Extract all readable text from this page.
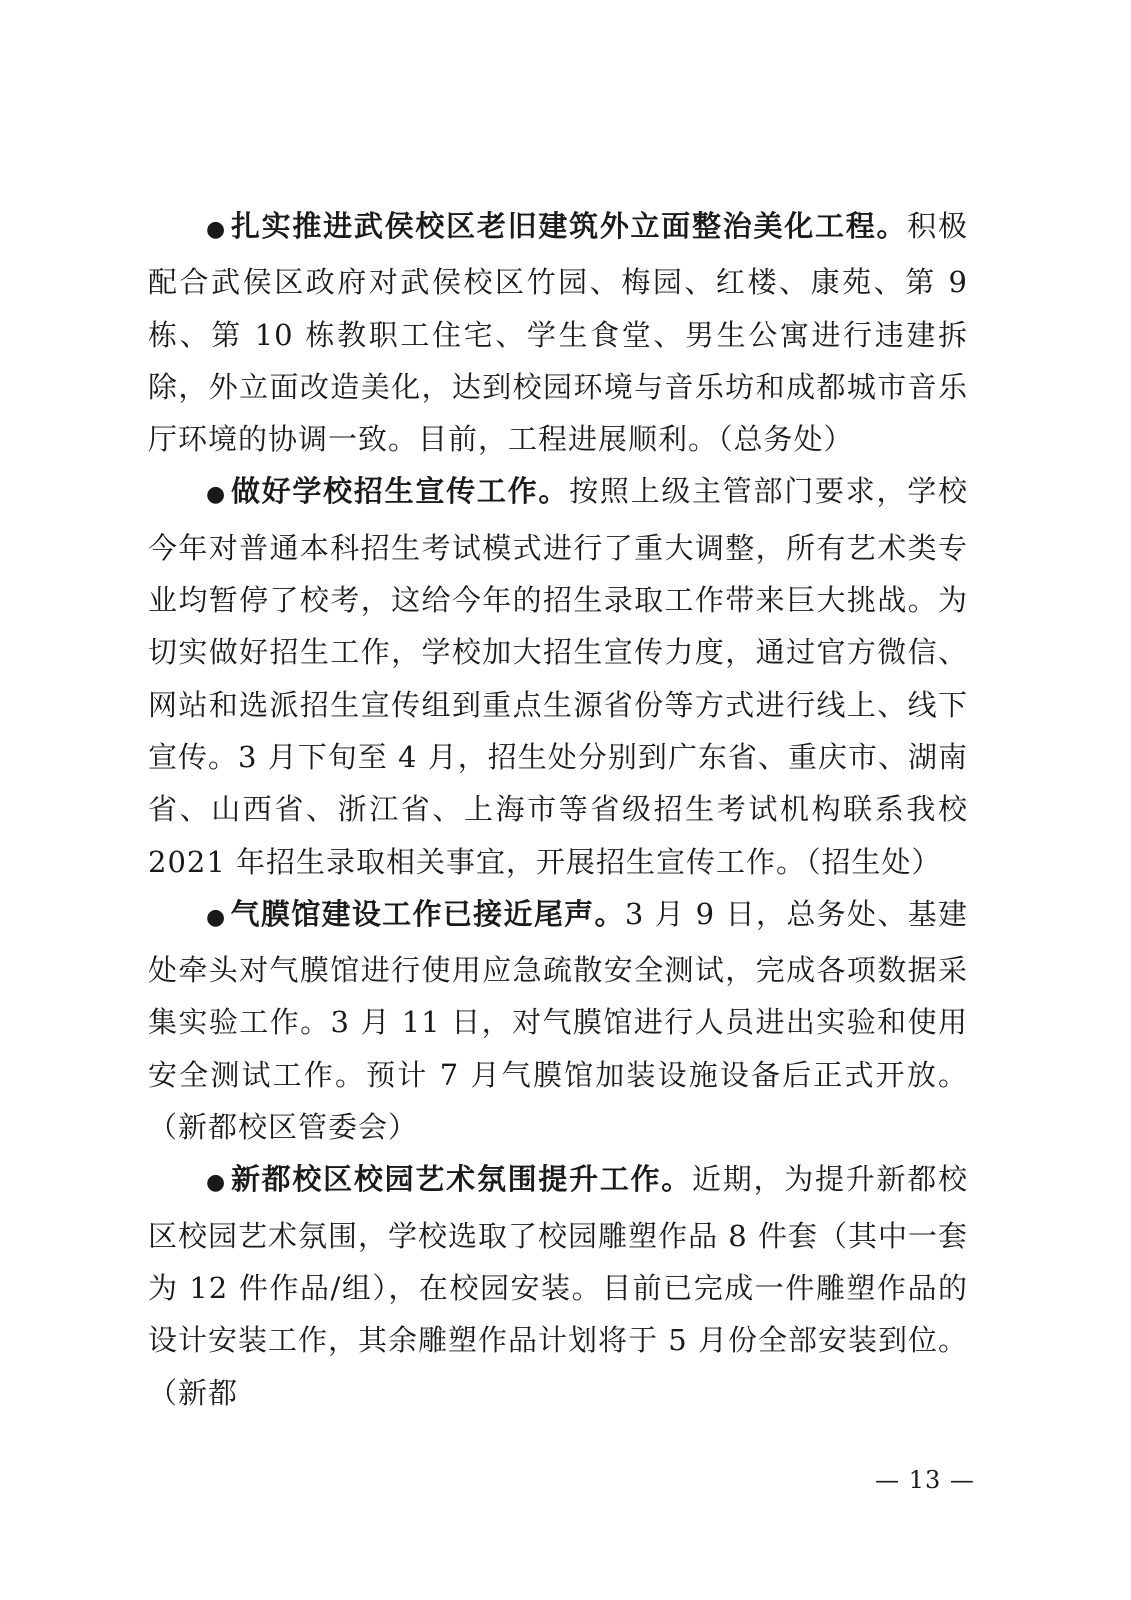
● 扎实推进武侯校区老旧建筑外立面整治美化工程。积极配合武侯区政府对武侯校区竹园、梅园、红楼、康苑、第 9 栋、第 10 栋教职工住宅、学生食堂、男生公寓进行违建拆除，外立面改造美化，达到校园环境与音乐坊和成都城市音乐厅环境的协调一致。目前，工程进展顺利。（总务处）

● 做好学校招生宣传工作。按照上级主管部门要求，学校今年对普通本科招生考试模式进行了重大调整，所有艺术类专业均暂停了校考，这给今年的招生录取工作带来巨大挑战。为切实做好招生工作，学校加大招生宣传力度，通过官方微信、网站和选派招生宣传组到重点生源省份等方式进行线上、线下宣传。3 月下旬至 4 月，招生处分别到广东省、重庆市、湖南省、山西省、浙江省、上海市等省级招生考试机构联系我校 2021 年招生录取相关事宜，开展招生宣传工作。（招生处）

● 气膜馆建设工作已接近尾声。3 月 9 日，总务处、基建处牵头对气膜馆进行使用应急疏散安全测试，完成各项数据采集实验工作。3 月 11 日，对气膜馆进行人员进出实验和使用安全测试工作。预计 7 月气膜馆加装设施设备后正式开放。（新都校区管委会）

● 新都校区校园艺术氛围提升工作。近期，为提升新都校区校园艺术氛围，学校选取了校园雕塑作品 8 件套（其中一套为 12 件作品/组），在校园安装。目前已完成一件雕塑作品的设计安装工作，其余雕塑作品计划将于 5 月份全部安装到位。（新都

— 13 —
